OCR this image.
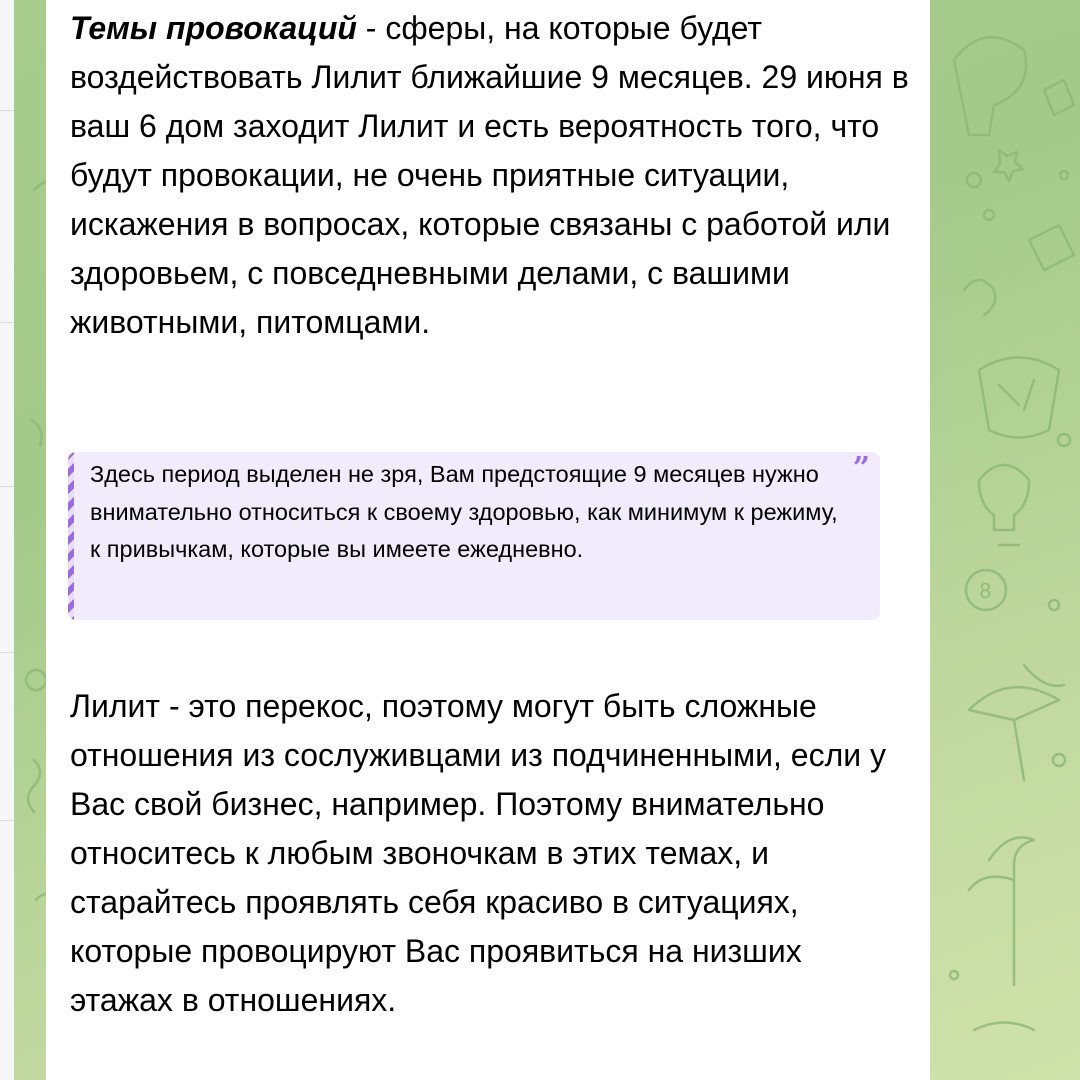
8

Темы провокаций - сферы, на которые будет воздействовать Лилит ближайшие 9 месяцев. 29 июня в ваш 6 дом заходит Лилит и есть вероятность того, что будут провокации, не очень приятные ситуации, искажения в вопросах, которые связаны с работой или здоровьем, с повседневными делами, с вашими животными, питомцами.

Здесь период выделен не зря, Вам предстоящие 9 месяцев нужно внимательно относиться к своему здоровью, как минимум к режиму, к привычкам, которые вы имеете ежедневно.

”

Лилит - это перекос, поэтому могут быть сложные отношения из сослуживцами из подчиненными, если у Вас свой бизнес, например. Поэтому внимательно относитесь к любым звоночкам в этих темах, и старайтесь проявлять себя красиво в ситуациях, которые провоцируют Вас проявиться на низших этажах в отношениях.
